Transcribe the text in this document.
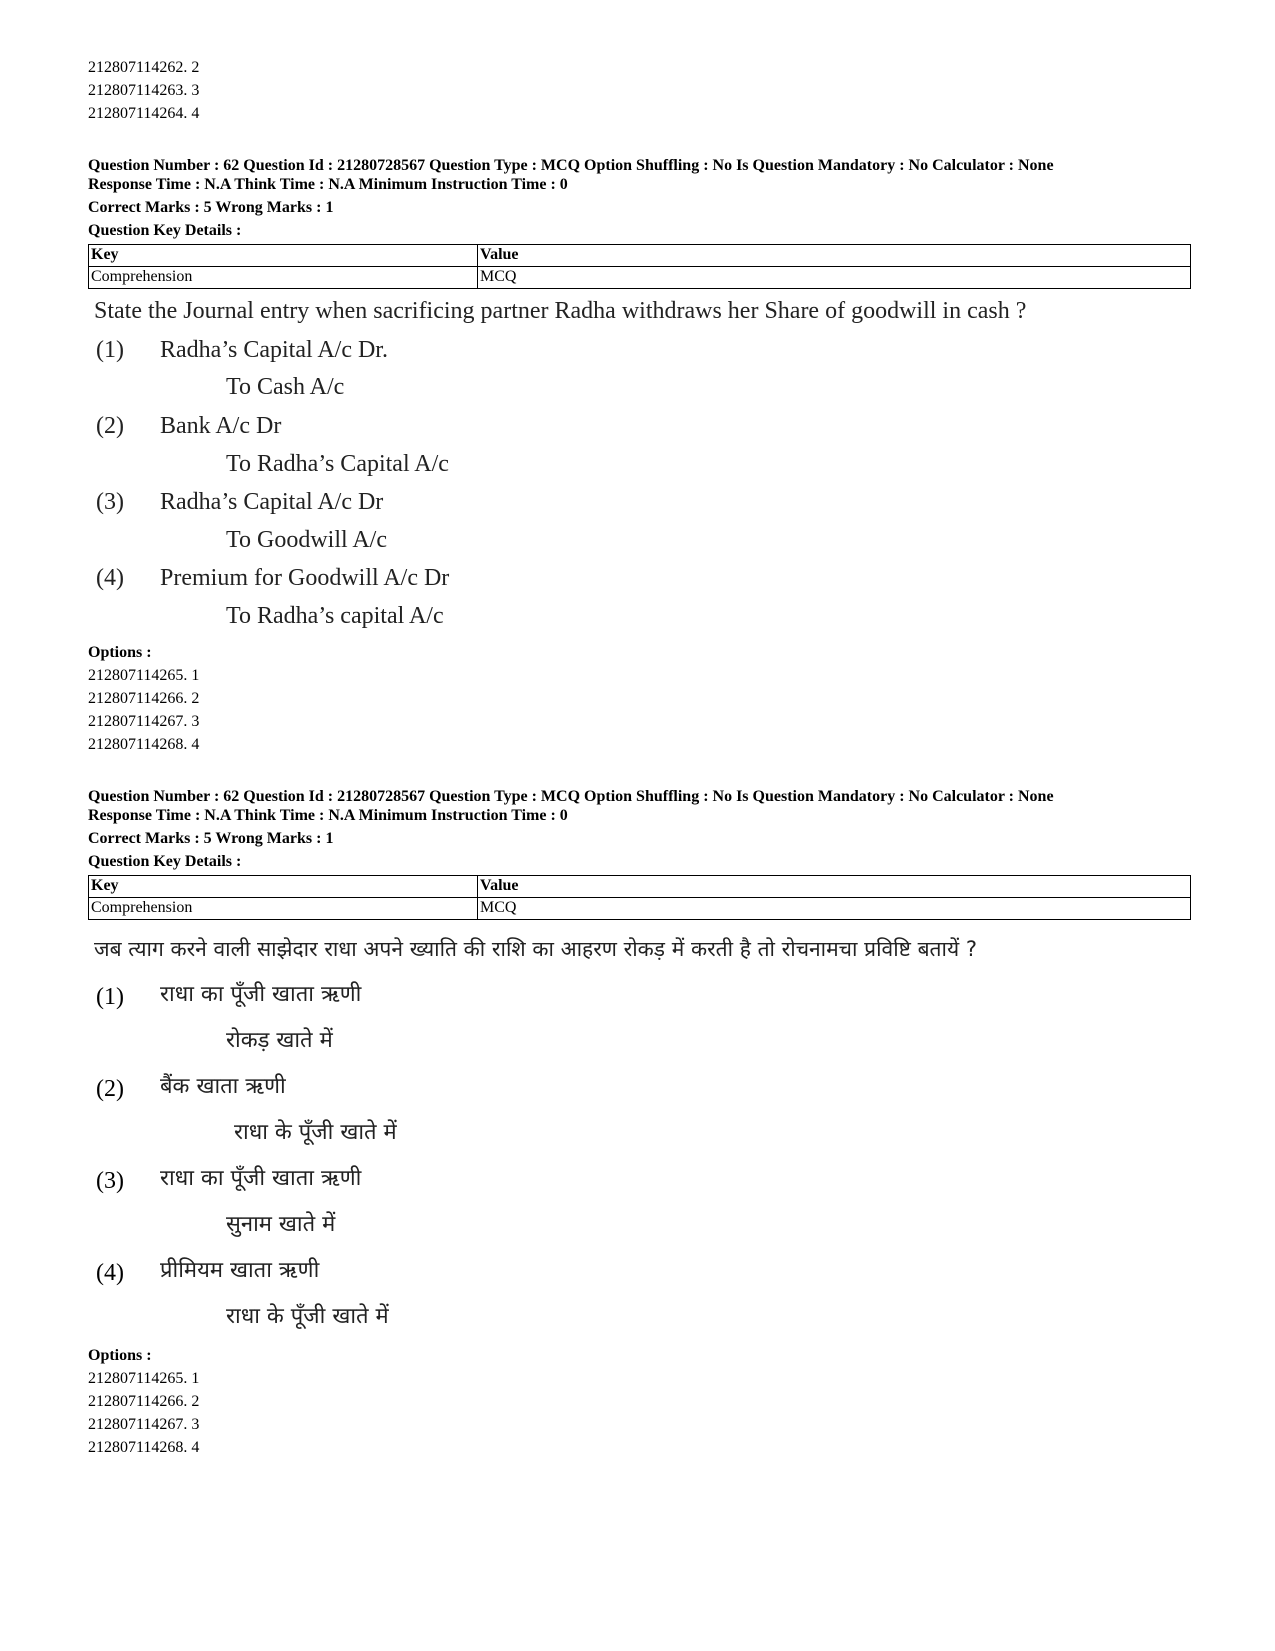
212807114262. 2
212807114263. 3
212807114264. 4
Question Number : 62 Question Id : 21280728567 Question Type : MCQ Option Shuffling : No Is Question Mandatory : No Calculator : None
Response Time : N.A Think Time : N.A Minimum Instruction Time : 0
Correct Marks : 5 Wrong Marks : 1
Question Key Details :
Key	Value
Comprehension	MCQ
State the Journal entry when sacrificing partner Radha withdraws her Share of goodwill in cash ?
(1) Radha’s Capital A/c Dr.
To Cash A/c
(2) Bank A/c Dr
To Radha’s Capital A/c
(3) Radha’s Capital A/c Dr
To Goodwill A/c
(4) Premium for Goodwill A/c Dr
To Radha’s capital A/c
Options :
212807114265. 1
212807114266. 2
212807114267. 3
212807114268. 4
Question Number : 62 Question Id : 21280728567 Question Type : MCQ Option Shuffling : No Is Question Mandatory : No Calculator : None
Response Time : N.A Think Time : N.A Minimum Instruction Time : 0
Correct Marks : 5 Wrong Marks : 1
Question Key Details :
Key	Value
Comprehension	MCQ
जब त्याग करने वाली साझेदार राधा अपने ख्याति की राशि का आहरण रोकड़ में करती है तो रोचनामचा प्रविष्टि बतायें ?
(1) राधा का पूँजी खाता ऋणी
रोकड़ खाते में
(2) बैंक खाता ऋणी
राधा के पूँजी खाते में
(3) राधा का पूँजी खाता ऋणी
सुनाम खाते में
(4) प्रीमियम खाता ऋणी
राधा के पूँजी खाते में
Options :
212807114265. 1
212807114266. 2
212807114267. 3
212807114268. 4
